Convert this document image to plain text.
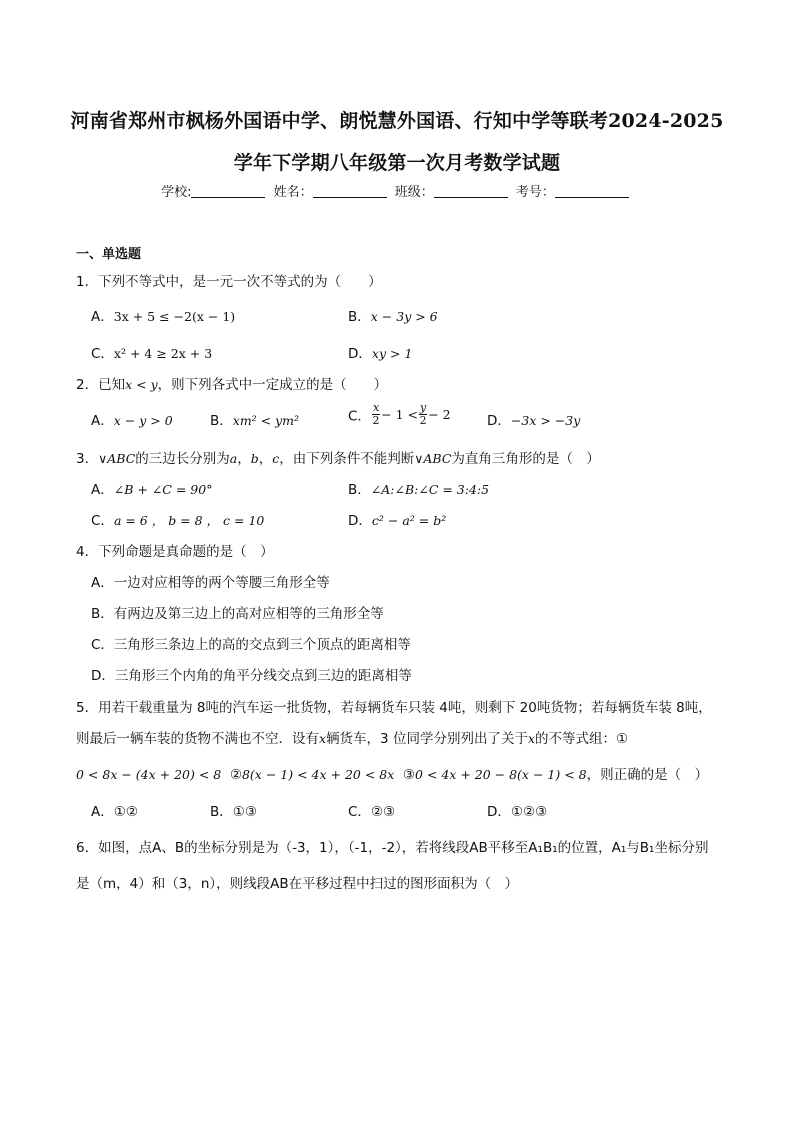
河南省郑州市枫杨外国语中学、朗悦慧外国语、行知中学等联考2024-2025
学年下学期八年级第一次月考数学试题
学校:	姓名：	班级：	考号：
一、单选题
1．下列不等式中，是一元一次不等式的为（　　）
A．3x + 5 ≤ −2(x − 1)	B．x − 3y > 6
C．x² + 4 ≥ 2x + 3	D．xy > 1
2．已知x < y，则下列各式中一定成立的是（　　）
A．x − y > 0	B．xm² < ym²	C． $\frac{x}{2} - 1 < \frac{y}{2} - 2$	D．−3x > −3y
3．∨ABC的三边长分别为a，b，c，由下列条件不能判断∨ABC为直角三角形的是（　）
A．∠B + ∠C = 90°	B．∠A:∠B:∠C = 3:4:5
C．a = 6 ， b = 8 ， c = 10	D．c² − a² = b²
4．下列命题是真命题的是（　）
A．一边对应相等的两个等腰三角形全等
B．有两边及第三边上的高对应相等的三角形全等
C．三角形三条边上的高的交点到三个顶点的距离相等
D．三角形三个内角的角平分线交点到三边的距离相等
5．用若干载重量为 8吨的汽车运一批货物，若每辆货车只装 4吨，则剩下 20吨货物；若每辆货车装 8吨，
则最后一辆车装的货物不满也不空．设有x辆货车，3 位同学分别列出了关于x的不等式组：①
0 < 8x − (4x + 20) < 8 ②8(x − 1) < 4x + 20 < 8x ③0 < 4x + 20 − 8(x − 1) < 8，则正确的是（　）
A．①②	B．①③	C．②③	D．①②③
6．如图，点A、B的坐标分别是为（-3，1），（-1，-2），若将线段AB平移至A₁B₁的位置，A₁与B₁坐标分别
是（m，4）和（3，n），则线段AB在平移过程中扫过的图形面积为（　）
